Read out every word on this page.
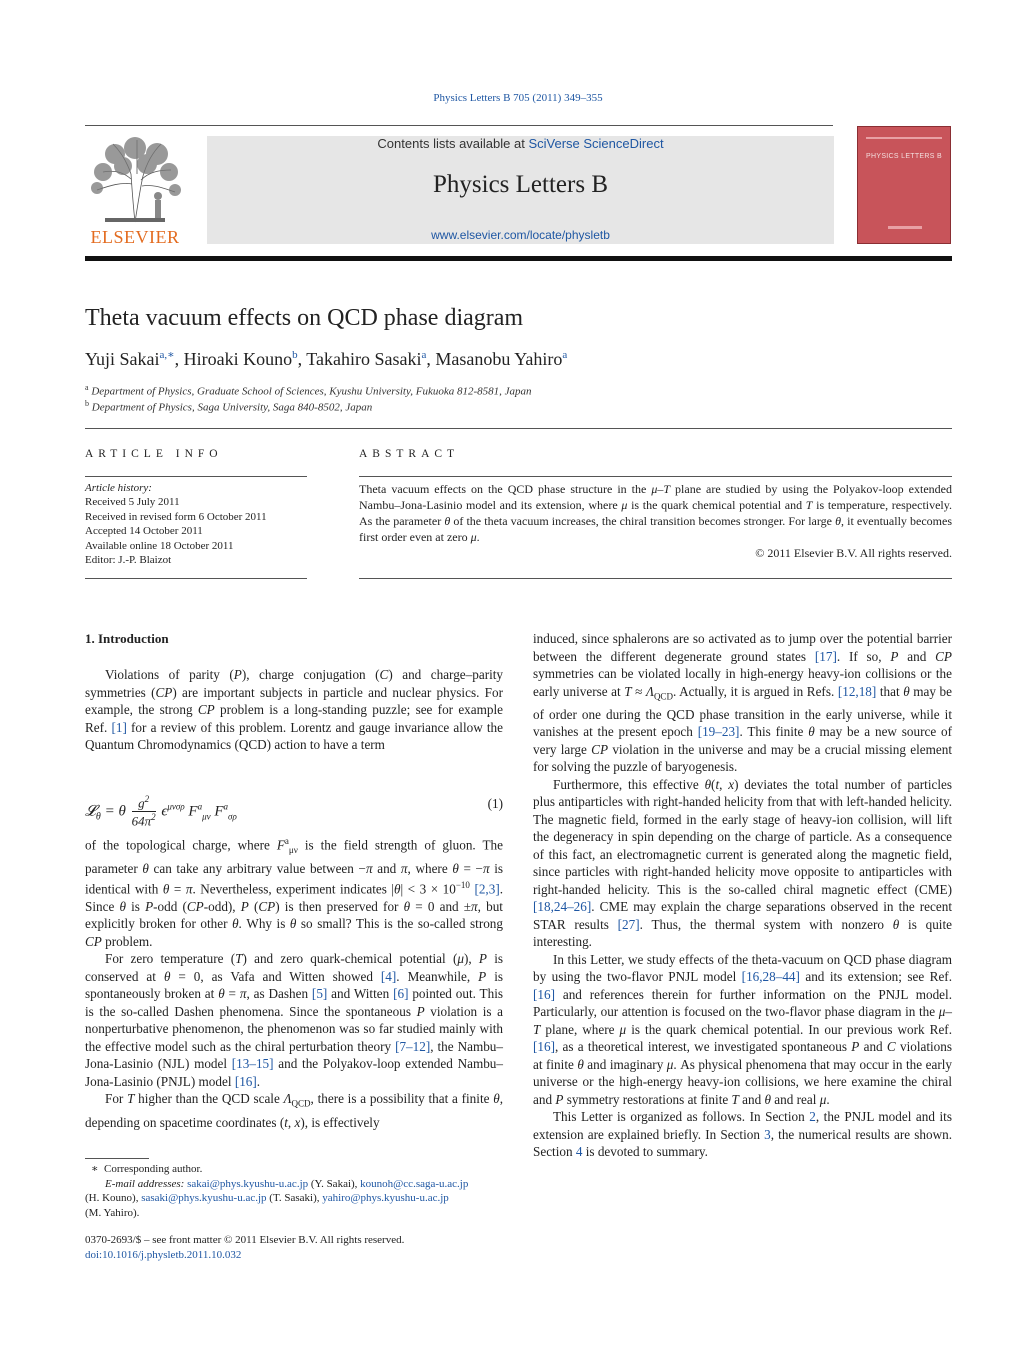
Physics Letters B 705 (2011) 349–355
ELSEVIER
Contents lists available at SciVerse ScienceDirect
Physics Letters B
www.elsevier.com/locate/physletb
PHYSICS LETTERS B
Theta vacuum effects on QCD phase diagram
Yuji Sakai$^{a,∗}$, Hiroaki Kouno$^b$, Takahiro Sasaki$^a$, Masanobu Yahiro$^a$
$^a$ Department of Physics, Graduate School of Sciences, Kyushu University, Fukuoka 812-8581, Japan
$^b$ Department of Physics, Saga University, Saga 840-8502, Japan
ARTICLE INFO
Article history:
Received 5 July 2011
Received in revised form 6 October 2011
Accepted 14 October 2011
Available online 18 October 2011
Editor: J.-P. Blaizot
ABSTRACT
Theta vacuum effects on the QCD phase structure in the μ–T plane are studied by using the Polyakov-loop extended Nambu–Jona-Lasinio model and its extension, where μ is the quark chemical potential and T is temperature, respectively. As the parameter θ of the theta vacuum increases, the chiral transition becomes stronger. For large θ, it eventually becomes first order even at zero μ.
© 2011 Elsevier B.V. All rights reserved.
1. Introduction

Violations of parity (P), charge conjugation (C) and charge–parity symmetries (CP) are important subjects in particle and nuclear physics. For example, the strong CP problem is a long-standing puzzle; see for example Ref. [1] for a review of this problem. Lorentz and gauge invariance allow the Quantum Chromodynamics (QCD) action to have a term

𝓛$_\theta$ = θ $\frac{g^2}{64\pi^2} \epsilon^{\mu\nu\sigma\rho}$ $F^a_{\mu\nu}$ $F^a_{\sigma\rho}$
(1)

of the topological charge, where $F^a_{\mu\nu}$ is the field strength of gluon. The parameter θ can take any arbitrary value between −π and π, where θ = −π is identical with θ = π. Nevertheless, experiment indicates $|\theta| < 3 \times 10^{-10}$ [2,3]. Since θ is P-odd (CP-odd), P (CP) is then preserved for θ = 0 and ±π, but explicitly broken for other θ. Why is θ so small? This is the so-called strong CP problem.

For zero temperature (T) and zero quark-chemical potential (μ), P is conserved at θ = 0, as Vafa and Witten showed [4]. Meanwhile, P is spontaneously broken at θ = π, as Dashen [5] and Witten [6] pointed out. This is the so-called Dashen phenomena. Since the spontaneous P violation is a nonperturbative phenomenon, the phenomenon was so far studied mainly with the effective model such as the chiral perturbation theory [7–12], the Nambu–Jona-Lasinio (NJL) model [13–15] and the Polyakov-loop extended Nambu–Jona-Lasinio (PNJL) model [16].

For T higher than the QCD scale $\Lambda_{QCD}$, there is a possibility that a finite θ, depending on spacetime coordinates (t, x), is effectively

∗ Corresponding author.
E-mail addresses: sakai@phys.kyushu-u.ac.jp (Y. Sakai), kounoh@cc.saga-u.ac.jp
(H. Kouno), sasaki@phys.kyushu-u.ac.jp (T. Sasaki), yahiro@phys.kyushu-u.ac.jp
(M. Yahiro).
0370-2693/$ – see front matter © 2011 Elsevier B.V. All rights reserved.
doi:10.1016/j.physletb.2011.10.032

induced, since sphalerons are so activated as to jump over the potential barrier between the different degenerate ground states [17]. If so, P and CP symmetries can be violated locally in high-energy heavy-ion collisions or the early universe at $T \approx \Lambda_{QCD}$. Actually, it is argued in Refs. [12,18] that θ may be of order one during the QCD phase transition in the early universe, while it vanishes at the present epoch [19–23]. This finite θ may be a new source of very large CP violation in the universe and may be a crucial missing element for solving the puzzle of baryogenesis.

Furthermore, this effective θ(t, x) deviates the total number of particles plus antiparticles with right-handed helicity from that with left-handed helicity. The magnetic field, formed in the early stage of heavy-ion collision, will lift the degeneracy in spin depending on the charge of particle. As a consequence of this fact, an electromagnetic current is generated along the magnetic field, since particles with right-handed helicity move opposite to antiparticles with right-handed helicity. This is the so-called chiral magnetic effect (CME) [18,24–26]. CME may explain the charge separations observed in the recent STAR results [27]. Thus, the thermal system with nonzero θ is quite interesting.

In this Letter, we study effects of the theta-vacuum on QCD phase diagram by using the two-flavor PNJL model [16,28–44] and its extension; see Ref. [16] and references therein for further information on the PNJL model. Particularly, our attention is focused on the two-flavor phase diagram in the μ–T plane, where μ is the quark chemical potential. In our previous work Ref. [16], as a theoretical interest, we investigated spontaneous P and C violations at finite θ and imaginary μ. As physical phenomena that may occur in the early universe or the high-energy heavy-ion collisions, we here examine the chiral and P symmetry restorations at finite T and θ and real μ.

This Letter is organized as follows. In Section 2, the PNJL model and its extension are explained briefly. In Section 3, the numerical results are shown. Section 4 is devoted to summary.
